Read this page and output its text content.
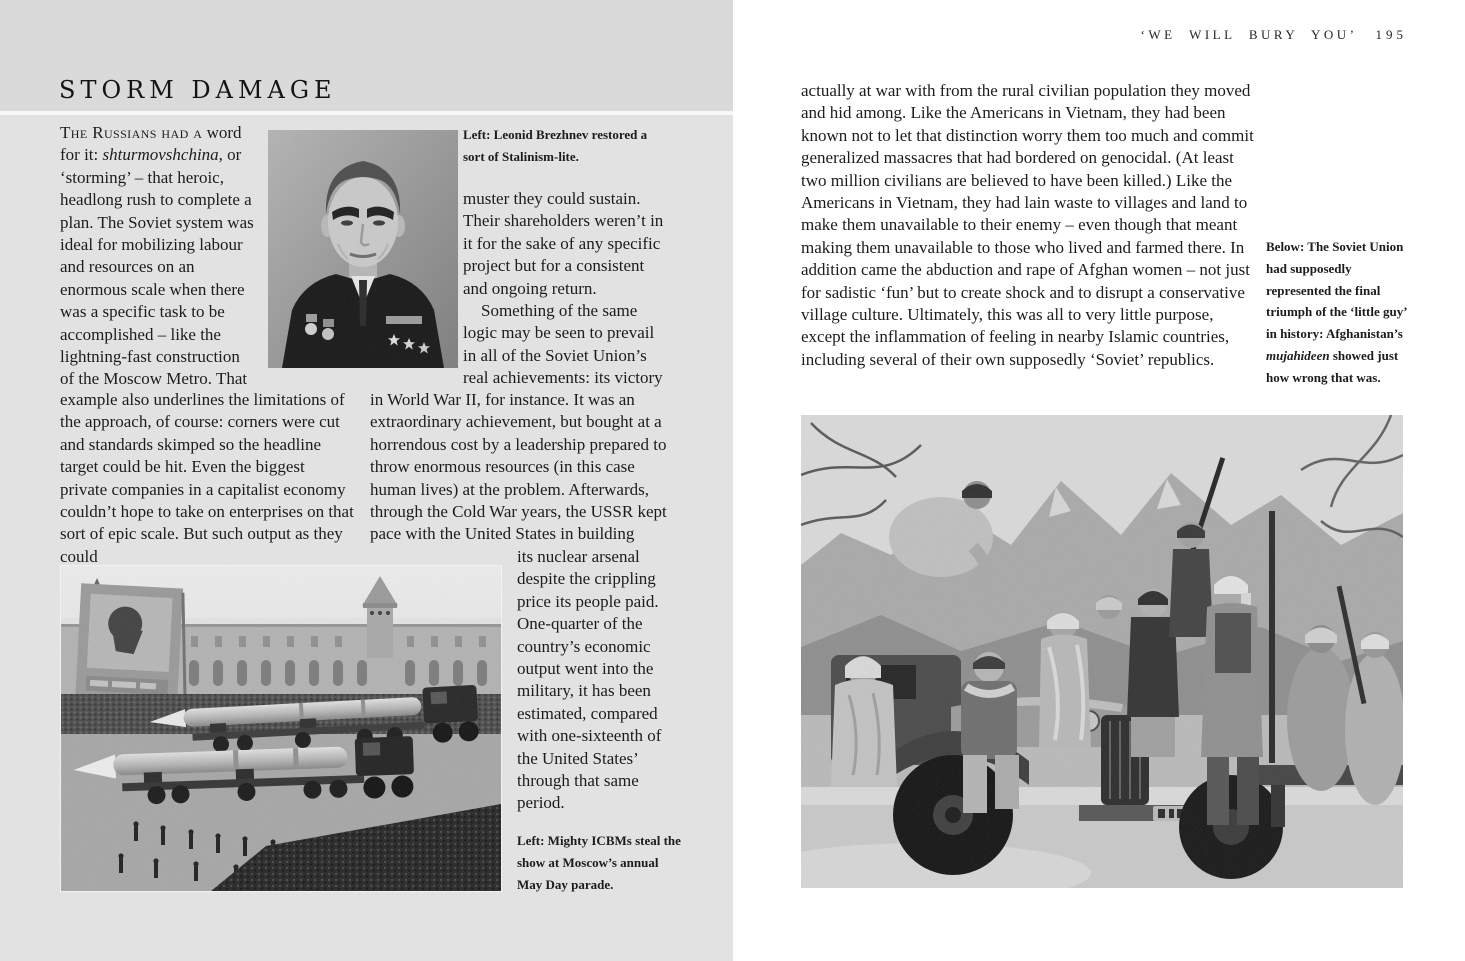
STORM DAMAGE

The Russians had a word for it: shturmovshchina, or ‘storming’ – that heroic, headlong rush to complete a plan. The Soviet system was ideal for mobilizing labour and resources on an enormous scale when there was a specific task to be accomplished – like the lightning-fast construction of the Moscow Metro. That

Left: Leonid Brezhnev restored a sort of Stalinism-lite.

muster they could sustain. Their shareholders weren’t in it for the sake of any specific project but for a consistent and ongoing return.

Something of the same logic may be seen to prevail in all of the Soviet Union’s real achievements: its victory

example also underlines the limitations of the approach, of course: corners were cut and standards skimped so the headline target could be hit. Even the biggest private companies in a capitalist economy couldn’t hope to take on enterprises on that sort of epic scale. But such output as they could
in World War II, for instance. It was an extraordinary achievement, but bought at a horrendous cost by a leadership prepared to throw enormous resources (in this case human lives) at the problem. Afterwards, through the Cold War years, the USSR kept pace with the United States in building
its nuclear arsenal despite the crippling price its people paid. One-quarter of the country’s economic output went into the military, it has been estimated, compared with one-sixteenth of the United States’ through that same period.
Left: Mighty ICBMs steal the show at Moscow’s annual May Day parade.
‘WE WILL BURY YOU’ 195
actually at war with from the rural civilian population they moved and hid among. Like the Americans in Vietnam, they had been known not to let that distinction worry them too much and commit generalized massacres that had bordered on genocidal. (At least two million civilians are believed to have been killed.) Like the Americans in Vietnam, they had lain waste to villages and land to make them unavailable to their enemy – even though that meant making them unavailable to those who lived and farmed there. In addition came the abduction and rape of Afghan women – not just for sadistic ‘fun’ but to create shock and to disrupt a conservative village culture. Ultimately, this was all to very little purpose, except the inflammation of feeling in nearby Islamic countries, including several of their own supposedly ‘Soviet’ republics.
Below: The Soviet Union had supposedly represented the final triumph of the ‘little guy’ in history: Afghanistan’s mujahideen showed just how wrong that was.
